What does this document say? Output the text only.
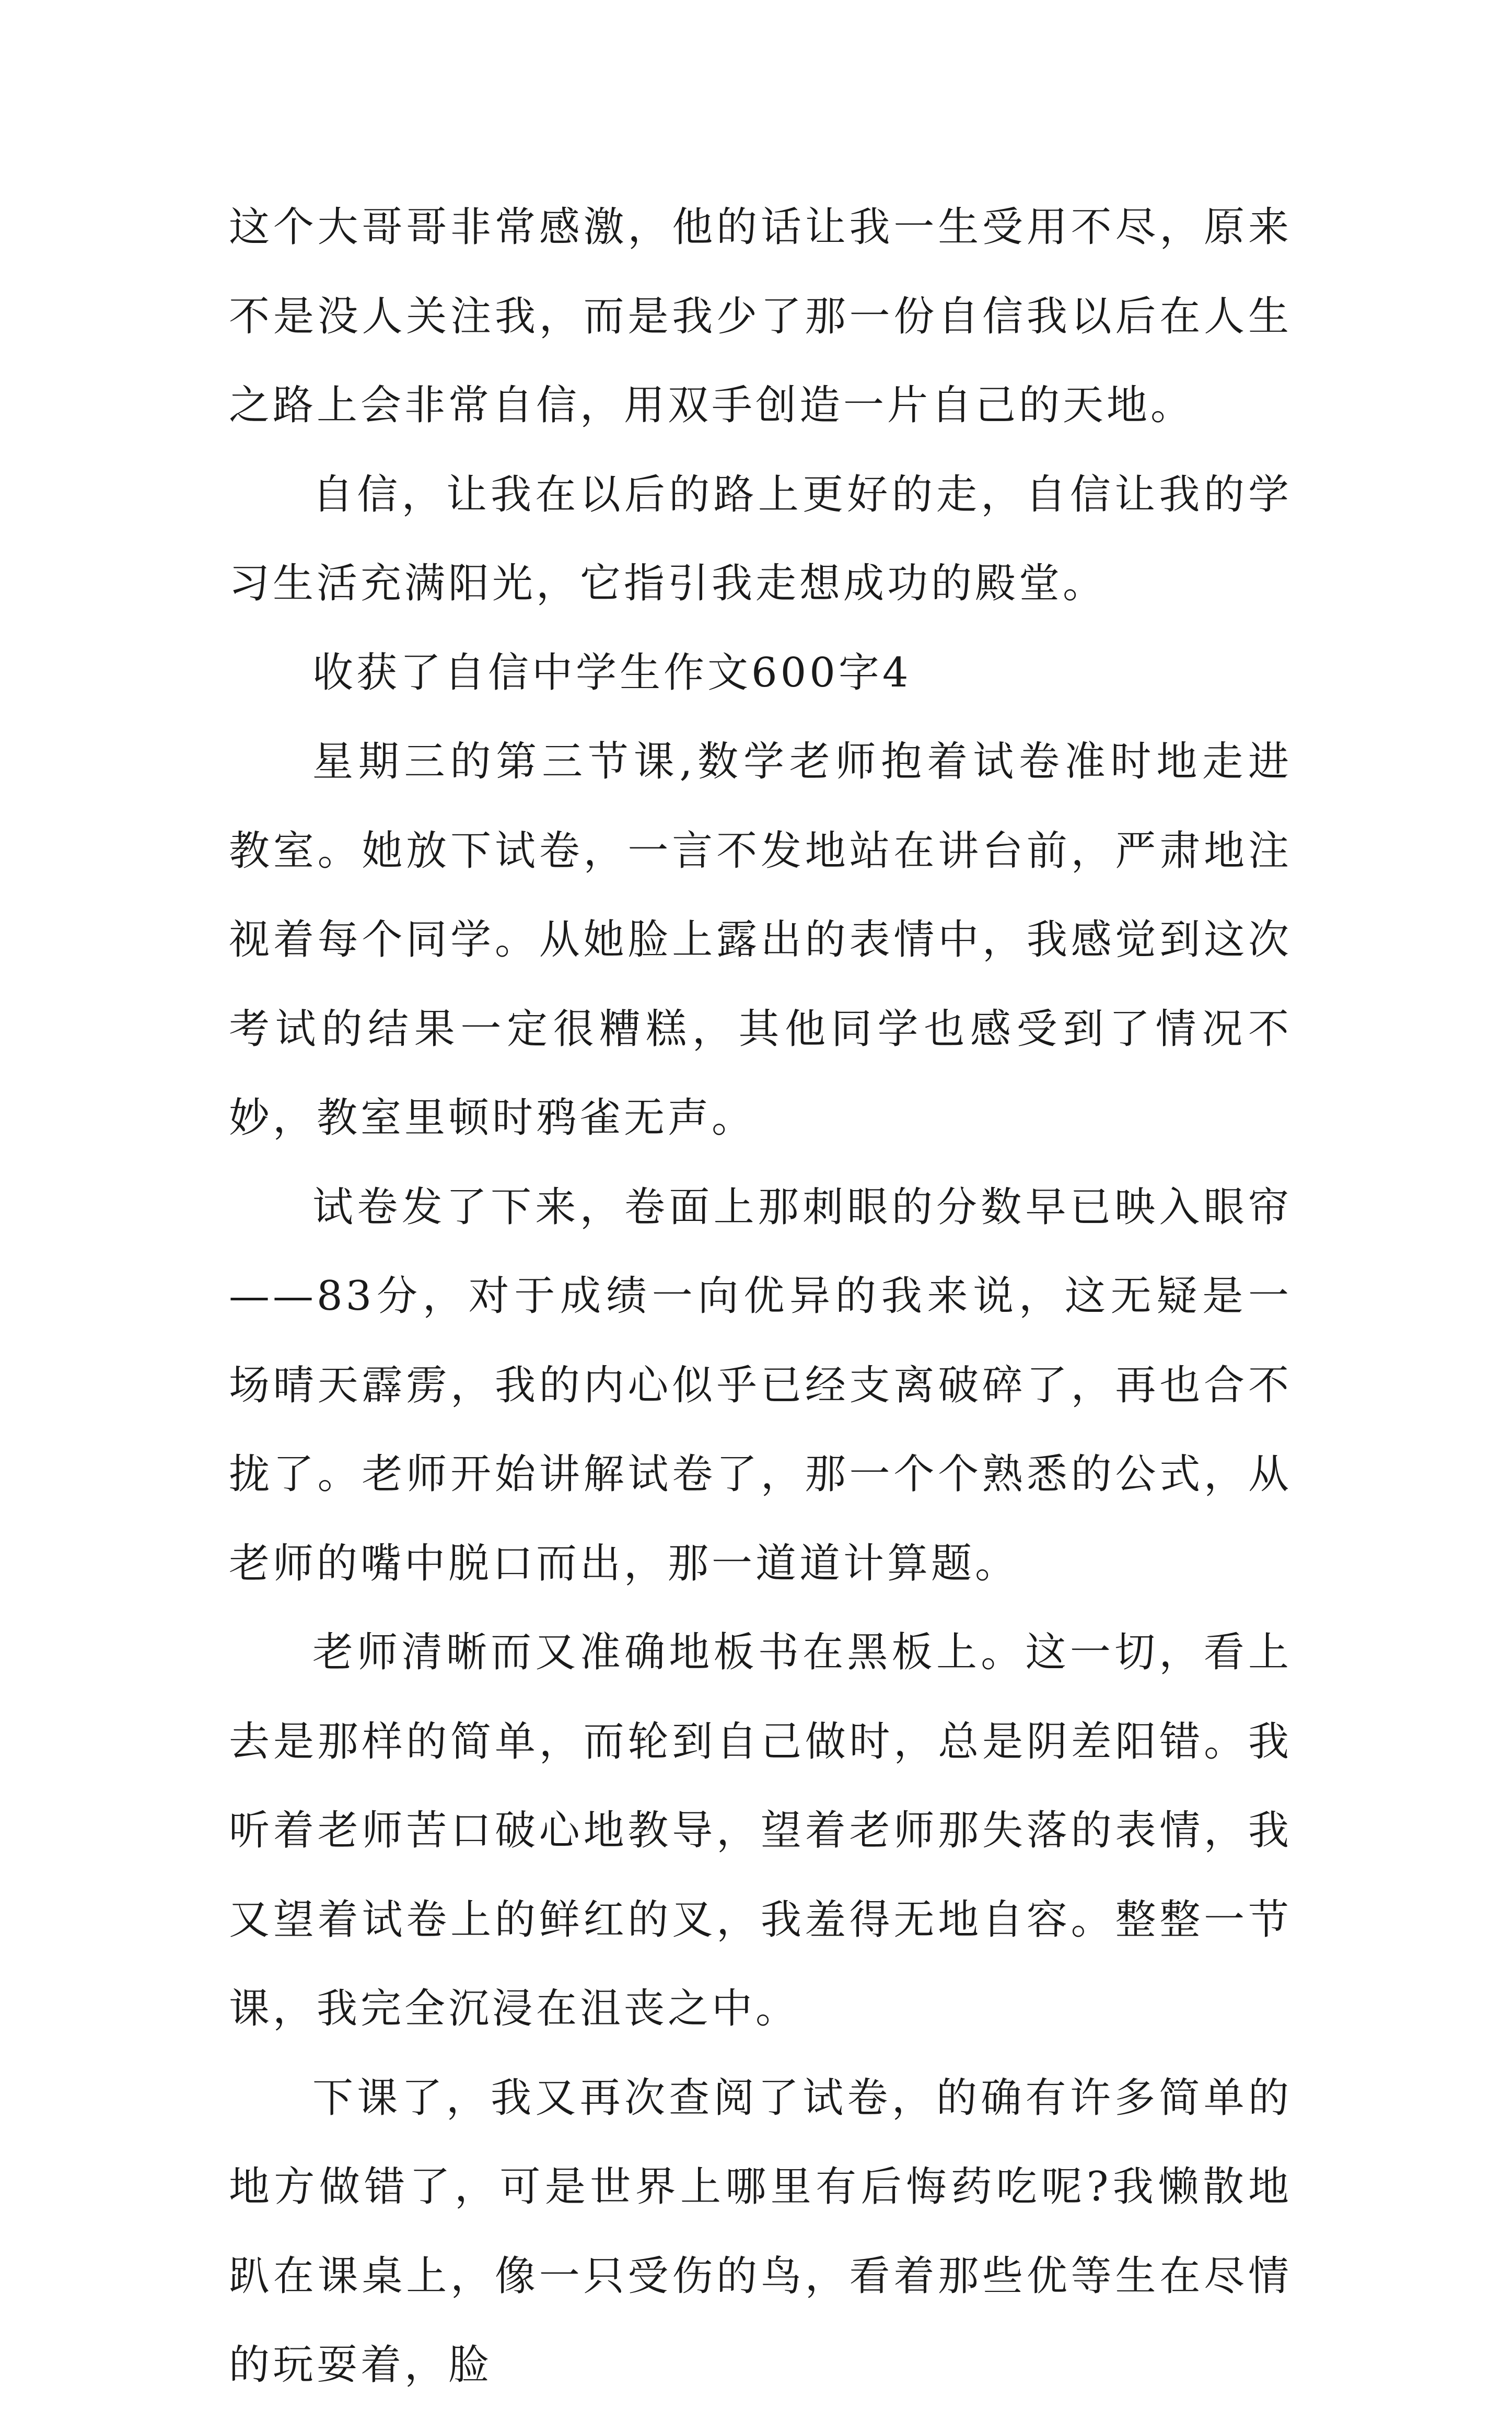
这个大哥哥非常感激，他的话让我一生受用不尽，原来不是没人关注我，而是我少了那一份自信我以后在人生之路上会非常自信，用双手创造一片自己的天地。

自信，让我在以后的路上更好的走，自信让我的学习生活充满阳光，它指引我走想成功的殿堂。

收获了自信中学生作文600字4

星期三的第三节课,数学老师抱着试卷准时地走进教室。她放下试卷，一言不发地站在讲台前，严肃地注视着每个同学。从她脸上露出的表情中，我感觉到这次考试的结果一定很糟糕，其他同学也感受到了情况不妙，教室里顿时鸦雀无声。

试卷发了下来，卷面上那刺眼的分数早已映入眼帘——83分，对于成绩一向优异的我来说，这无疑是一场晴天霹雳，我的内心似乎已经支离破碎了，再也合不拢了。老师开始讲解试卷了，那一个个熟悉的公式，从老师的嘴中脱口而出，那一道道计算题。

老师清晰而又准确地板书在黑板上。这一切，看上去是那样的简单，而轮到自己做时，总是阴差阳错。我听着老师苦口破心地教导，望着老师那失落的表情，我又望着试卷上的鲜红的叉，我羞得无地自容。整整一节课，我完全沉浸在沮丧之中。

下课了，我又再次查阅了试卷，的确有许多简单的地方做错了，可是世界上哪里有后悔药吃呢?我懒散地趴在课桌上，像一只受伤的鸟，看着那些优等生在尽情的玩耍着，脸
